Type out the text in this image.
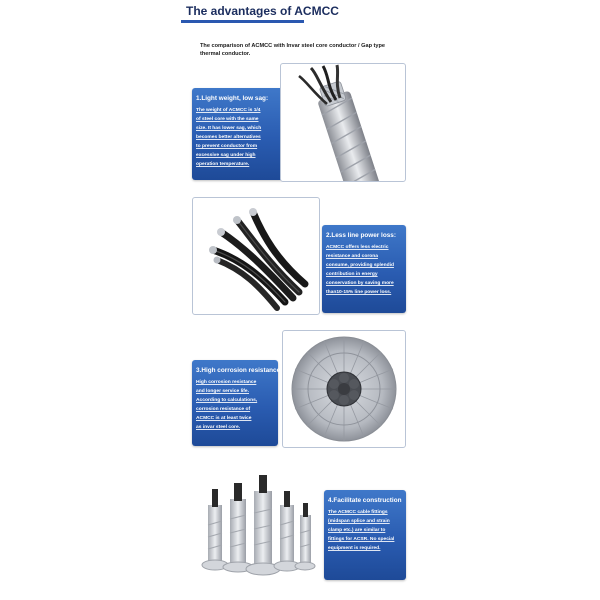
The advantages of ACMCC
The comparison of ACMCC with Invar steel core conductor / Gap type
thermal conductor.
1.Light weight, low sag:
The weight of ACMCC is 1/4
of steel core with the same
size. It has lower sag, which
becomes better alternatives
to prevent conductor from
excessive sag under high
operation temperature.
2.Less line power loss:
ACMCC offers less electric
resistance and corona
consume, providing splendid
contribution in energy
conservation by saving more
than10-15% line power loss.
3.High corrosion resistance
High corrosion resistance
and longer service life.
According to calculations,
corrosion resistance of
ACMCC is at least twice
as invar steel core.
4.Facilitate construction
The ACMCC cable fittings
(midspan splice and strain
clamp etc.) are similar to
fittings for ACSR. No special
equipment is required.
